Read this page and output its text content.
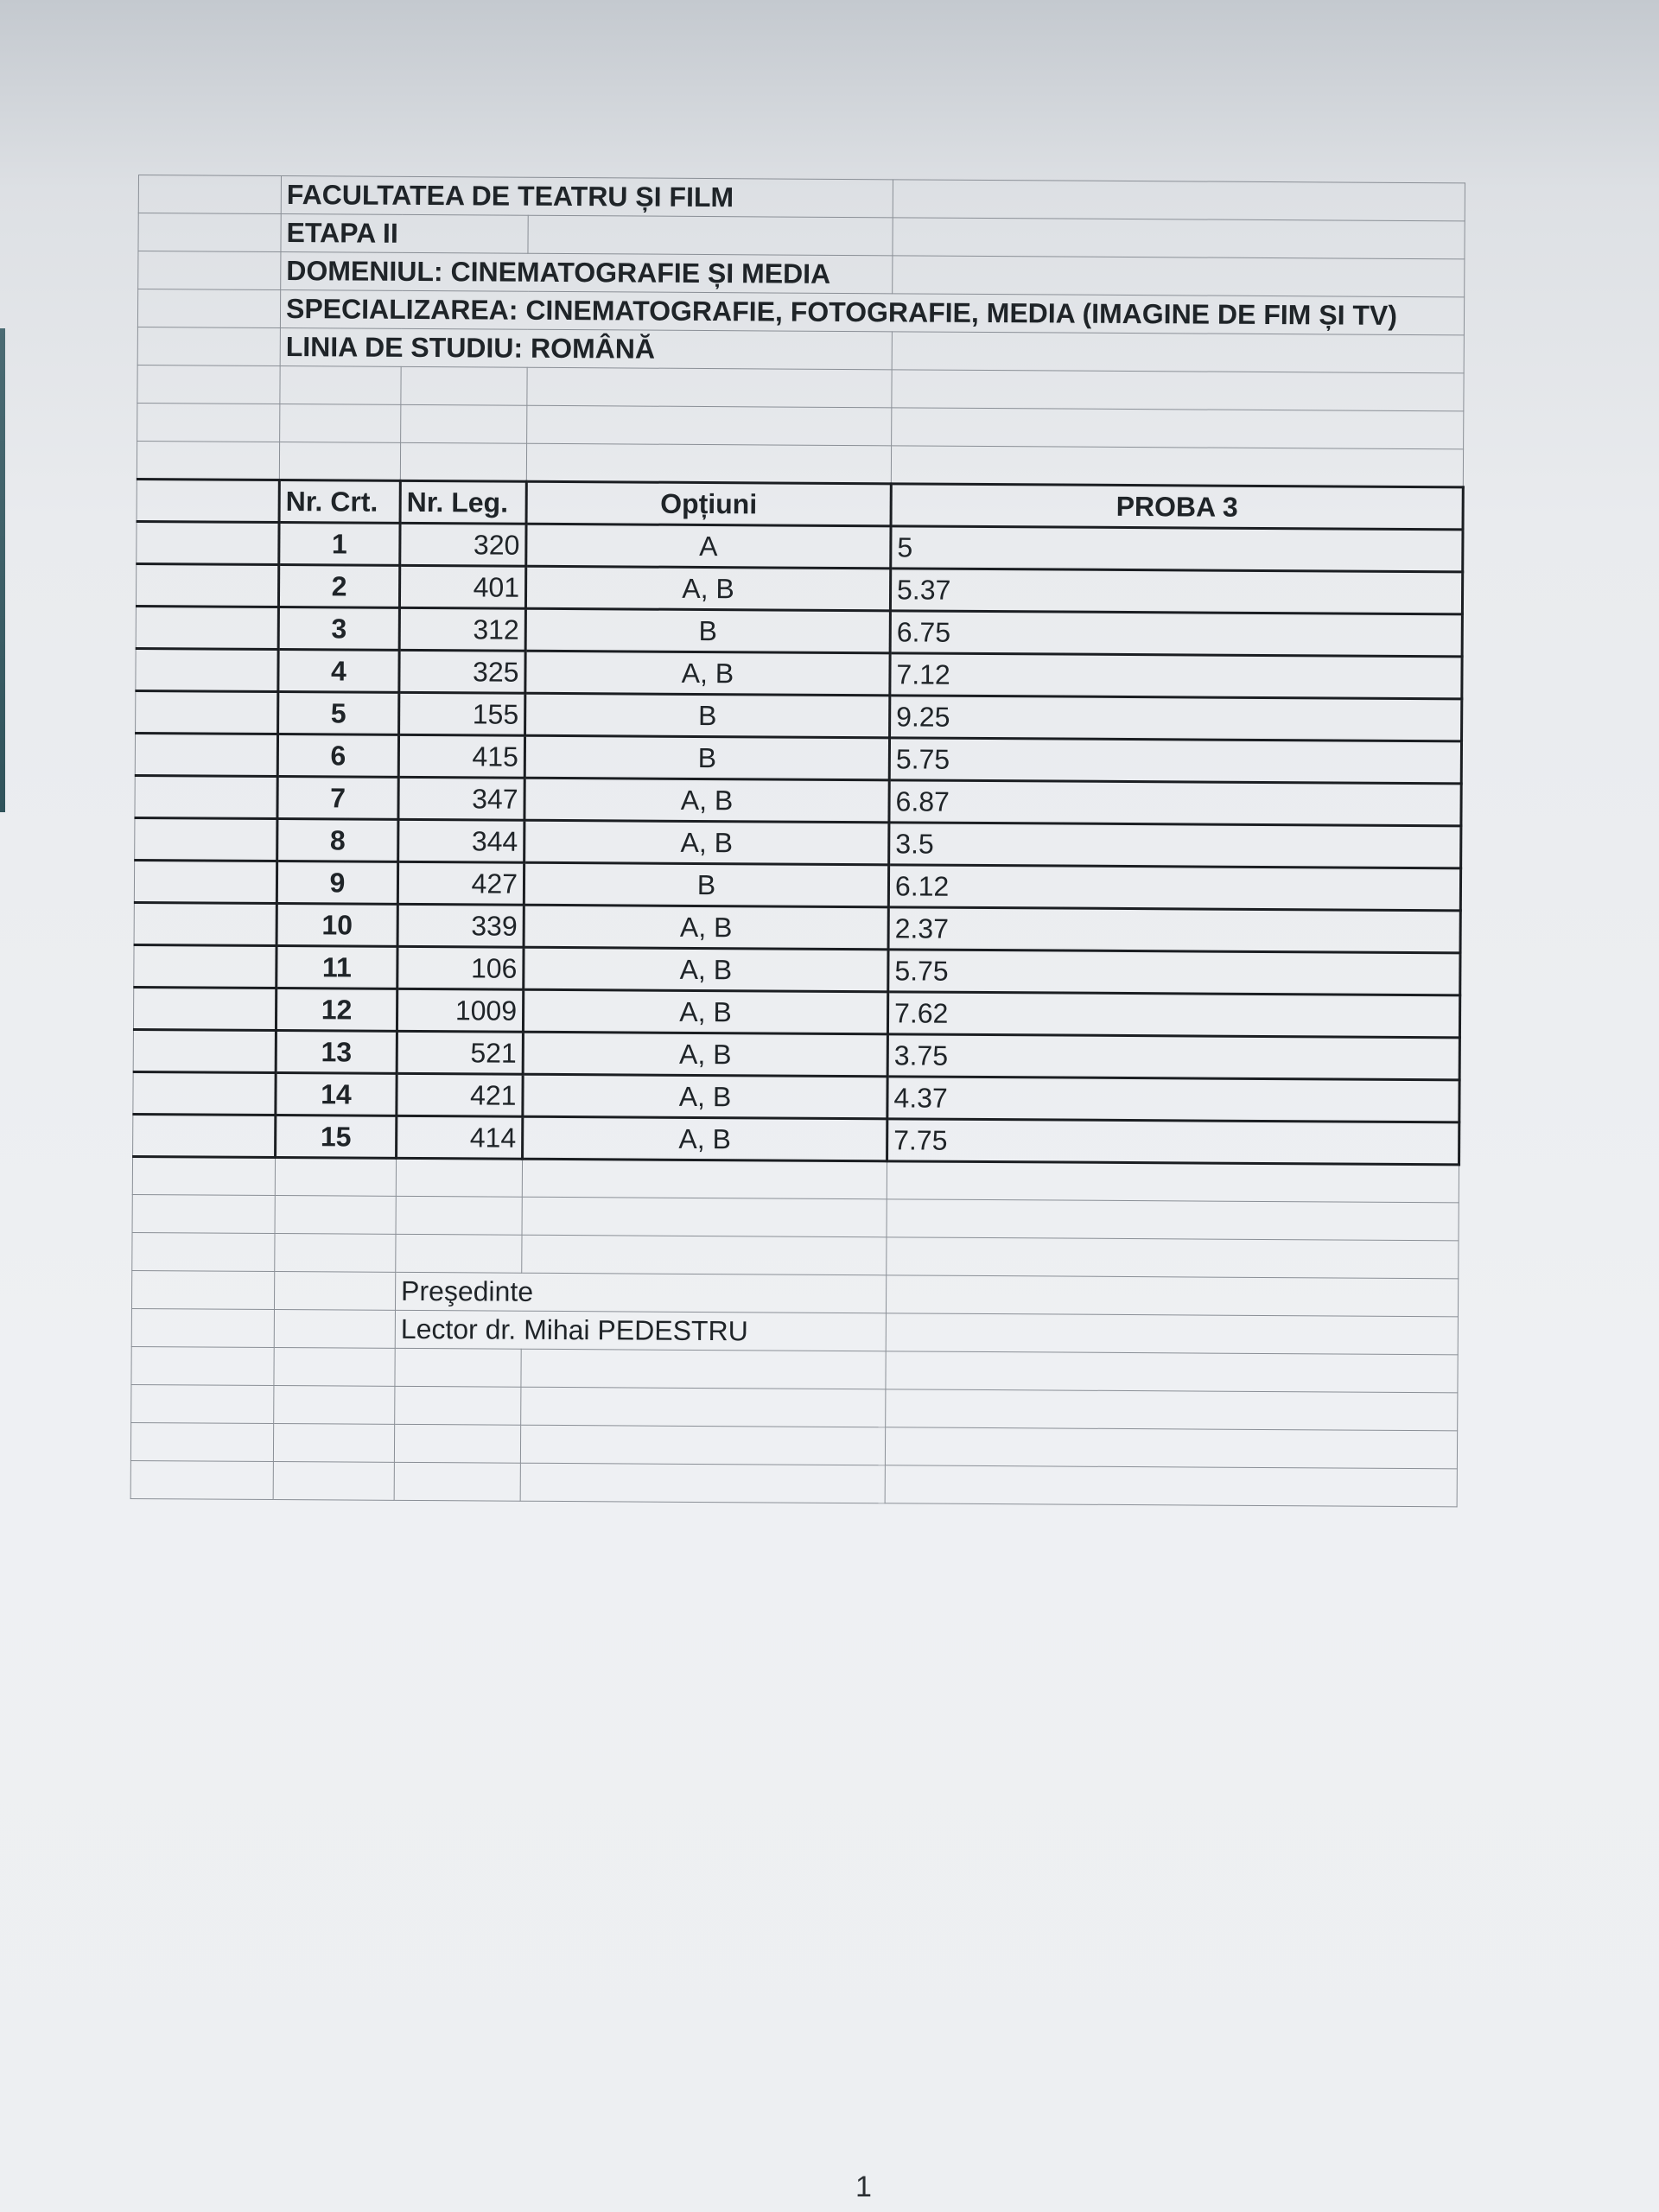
	FACULTATEA DE TEATRU ȘI FILM			
	ETAPA II			
	DOMENIUL: CINEMATOGRAFIE ȘI MEDIA			
	SPECIALIZAREA: CINEMATOGRAFIE, FOTOGRAFIE, MEDIA (IMAGINE DE FIM ȘI TV)			
	LINIA DE STUDIU: ROMÂNĂ			

	Nr. Crt.	Nr. Leg.	Opțiuni	PROBA 3
	1	320	A	5
	2	401	A, B	5.37
	3	312	B	6.75
	4	325	A, B	7.12
	5	155	B	9.25
	6	415	B	5.75
	7	347	A, B	6.87
	8	344	A, B	3.5
	9	427	B	6.12
	10	339	A, B	2.37
	11	106	A, B	5.75
	12	1009	A, B	7.62
	13	521	A, B	3.75
	14	421	A, B	4.37
	15	414	A, B	7.75

		Preşedinte		
		Lector dr. Mihai PEDESTRU		

1
